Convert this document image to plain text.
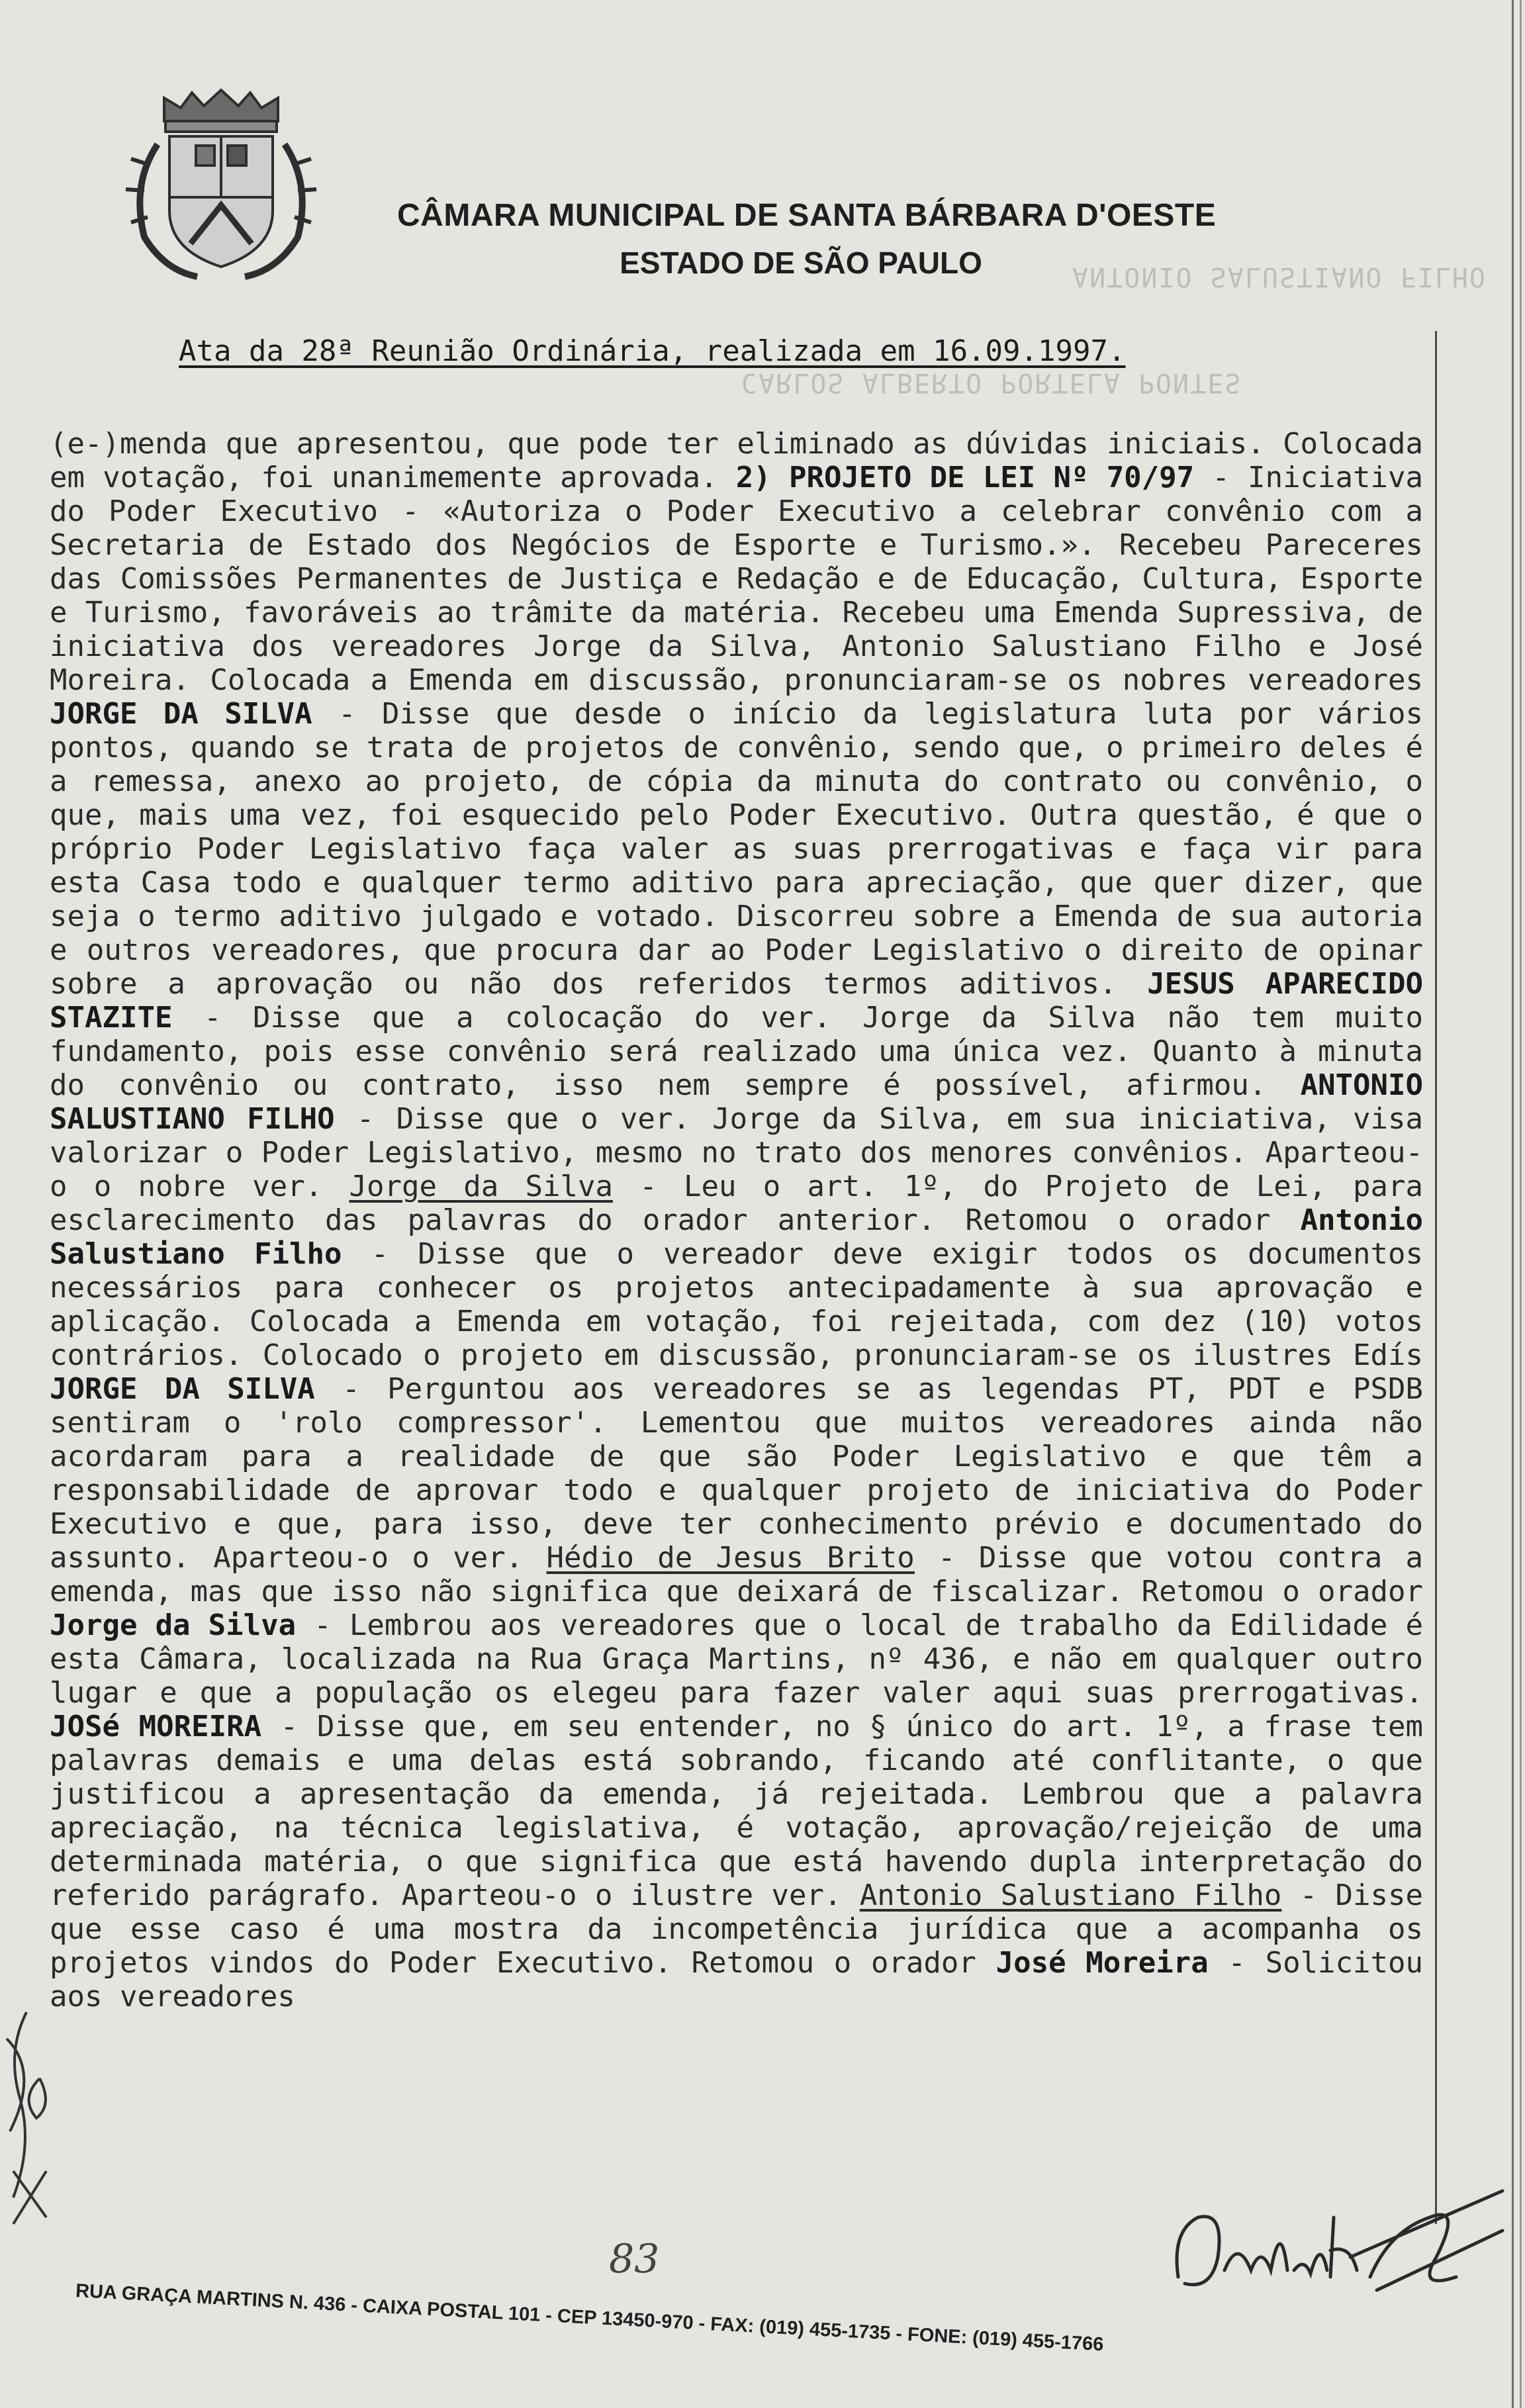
CÂMARA MUNICIPAL DE SANTA BÁRBARA D'OESTE
ESTADO DE SÃO PAULO	ANTONIO SALUSTIANO FILHO
CARLOS ALBERTO PORTELA PONTES
Ata da 28ª Reunião Ordinária, realizada em 16.09.1997.
(e-)menda que apresentou, que pode ter eliminado as dúvidas iniciais. Colocada em votação, foi unanimemente aprovada. 2) PROJETO DE LEI Nº 70/97 - Iniciativa do Poder Executivo - «Autoriza o Poder Executivo a celebrar convênio com a Secretaria de Estado dos Negócios de Esporte e Turismo.». Recebeu Pareceres das Comissões Permanentes de Justiça e Redação e de Educação, Cultura, Esporte e Turismo, favoráveis ao trâmite da matéria. Recebeu uma Emenda Supressiva, de iniciativa dos vereadores Jorge da Silva, Antonio Salustiano Filho e José Moreira. Colocada a Emenda em discussão, pronunciaram-se os nobres vereadores JORGE DA SILVA - Disse que desde o início da legislatura luta por vários pontos, quando se trata de projetos de convênio, sendo que, o primeiro deles é a remessa, anexo ao projeto, de cópia da minuta do contrato ou convênio, o que, mais uma vez, foi esquecido pelo Poder Executivo. Outra questão, é que o próprio Poder Legislativo faça valer as suas prerrogativas e faça vir para esta Casa todo e qualquer termo aditivo para apreciação, que quer dizer, que seja o termo aditivo julgado e votado. Discorreu sobre a Emenda de sua autoria e outros vereadores, que procura dar ao Poder Legislativo o direito de opinar sobre a aprovação ou não dos referidos termos aditivos. JESUS APARECIDO STAZITE - Disse que a colocação do ver. Jorge da Silva não tem muito fundamento, pois esse convênio será realizado uma única vez. Quanto à minuta do convênio ou contrato, isso nem sempre é possível, afirmou. ANTONIO SALUSTIANO FILHO - Disse que o ver. Jorge da Silva, em sua iniciativa, visa valorizar o Poder Legislativo, mesmo no trato dos menores convênios. Aparteou-o o nobre ver. Jorge da Silva - Leu o art. 1º, do Projeto de Lei, para esclarecimento das palavras do orador anterior. Retomou o orador Antonio Salustiano Filho - Disse que o vereador deve exigir todos os documentos necessários para conhecer os projetos antecipadamente à sua aprovação e aplicação. Colocada a Emenda em votação, foi rejeitada, com dez (10) votos contrários. Colocado o projeto em discussão, pronunciaram-se os ilustres Edís JORGE DA SILVA - Perguntou aos vereadores se as legendas PT, PDT e PSDB sentiram o 'rolo compressor'. Lementou que muitos vereadores ainda não acordaram para a realidade de que são Poder Legislativo e que têm a responsabilidade de aprovar todo e qualquer projeto de iniciativa do Poder Executivo e que, para isso, deve ter conhecimento prévio e documentado do assunto. Aparteou-o o ver. Hédio de Jesus Brito - Disse que votou contra a emenda, mas que isso não significa que deixará de fiscalizar. Retomou o orador Jorge da Silva - Lembrou aos vereadores que o local de trabalho da Edilidade é esta Câmara, localizada na Rua Graça Martins, nº 436, e não em qualquer outro lugar e que a população os elegeu para fazer valer aqui suas prerrogativas. JOSé MOREIRA - Disse que, em seu entender, no § único do art. 1º, a frase tem palavras demais e uma delas está sobrando, ficando até conflitante, o que justificou a apresentação da emenda, já rejeitada. Lembrou que a palavra apreciação, na técnica legislativa, é votação, aprovação/rejeição de uma determinada matéria, o que significa que está havendo dupla interpretação do referido parágrafo. Aparteou-o o ilustre ver. Antonio Salustiano Filho - Disse que esse caso é uma mostra da incompetência jurídica que a acompanha os projetos vindos do Poder Executivo. Retomou o orador José Moreira - Solicitou aos vereadores
83
RUA GRAÇA MARTINS N. 436 - CAIXA POSTAL 101 - CEP 13450-970 - FAX: (019) 455-1735 - FONE: (019) 455-1766
